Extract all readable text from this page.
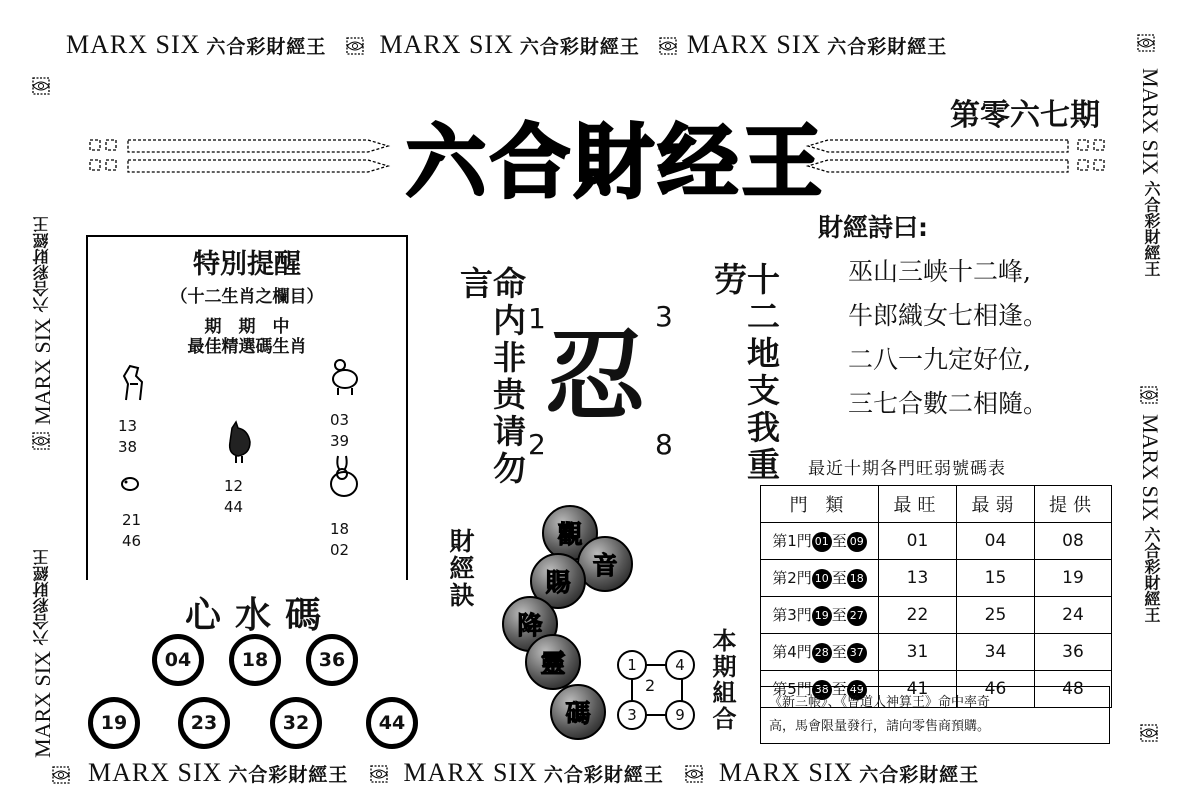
MARX SIX 六合彩財經王 MARX SIX 六合彩財經王 MARX SIX 六合彩財經王
MARX SIX 六合彩財經王 MARX SIX 六合彩財經王 MARX SIX 六合彩財經王
MARX SIX 六合彩財經王
MARX SIX 六合彩財經王
MARX SIX 六合彩財經王
MARX SIX 六合彩財經王
六合財经王
第零六七期
特別提醒
（十二生肖之欄目）
期　期　中
最佳精選碼生肖
13
38
03
39
12
44
21
46
18
02
心水碼
04	18	36
19	23	32	44
命内非贵请勿言	十二地支我重劳
1	3
2	8
忍
財經訣	觀
音
賜
降
靈
碼
1	4
3	9
2 本期組合
財經詩曰:
巫山三峡十二峰,
牛郎織女七相逢。
二八一九定好位,
三七合數二相隨。
最近十期各門旺弱號碼表
門 類	最旺	最弱	提供
第1門 01 至 09	01	04	08
第2門 10 至 18	13	15	19
第3門 19 至 27	22	25	24
第4門 28 至 37	31	34	36
第5門 38 至 49	41	46	48
《新三帳》、《曾道人神算王》命中率奇
高，馬會限量發行，請向零售商預購。
